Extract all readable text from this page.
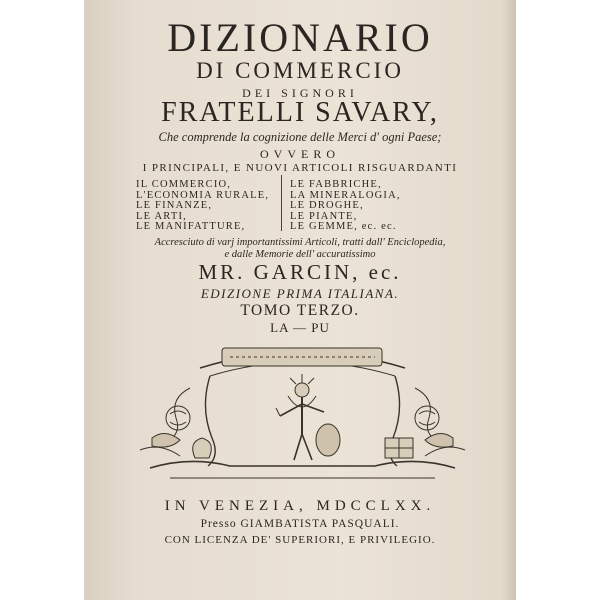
DIZIONARIO
DI COMMERCIO
DEI SIGNORI
FRATELLI SAVARY,
Che comprende la cognizione delle Merci d' ogni Paese;
OVVERO
I PRINCIPALI, E NUOVI ARTICOLI RISGUARDANTI
IL COMMERCIO,
L'ECONOMIA RURALE,
LE FINANZE,
LE ARTI,
LE MANIFATTURE,
LE FABBRICHE,
LA MINERALOGIA,
LE DROGHE,
LE PIANTE,
LE GEMME, ec. ec.
Accresciuto di varj importantissimi Articoli, tratti dall' Enciclopedia,
e dalle Memorie dell' accuratissimo
MR. GARCIN, ec.
EDIZIONE PRIMA ITALIANA.
TOMO TERZO.
LA — PU
IN VENEZIA, MDCCLXX.
Presso GIAMBATISTA PASQUALI.
CON LICENZA DE' SUPERIORI, E PRIVILEGIO.
